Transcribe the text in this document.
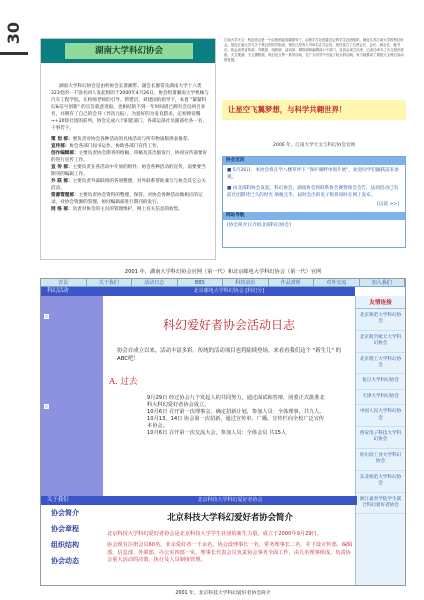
30
湖南大学科幻协会
湖南大学科幻协会是由校协会长萧湘带、副会长廖常及湖南大学十六类223堂的一千馀名同人发起组的于2000年4月26日，协会组萧湘南大学机械与汽车工程学院。在校师老师的引导、帮建层、刘建国的指导下，本着 "紧紧科幻&信号创新" 的宗旨就意进取，也相结的不到一年时间谱已拥有会员两百多名，并拥有了自己的会刊（异次元报），为爱好的为发育猎杀，定初捧发哪→+20馀社团的前列。协会完成六个职能部门，各部运部社员副部社各一名，干事若干。
策 划 部：要负责对协会各种活动的具体活动与所有物质版供表推荐。
宣传部：协会各部门间书运作。协助各部门宣传工作。
创作编辑部：主要负责协会期刊的组稿、审稿及其出版发行，协同宣传部要好的进行宣传工作。
宣 传 部：主要负责在各活动中开放的组件、协会各种活动的宣传，前要要当期刊的编辑工作。
外 联 部：主要负责外部联络的各项整理，对外联系帮助兼互与协会其它公关活动。
资源管理部：主要负责协会资料的整理、保管。对协会各种活动做相应的记录。对协会资源的管理，协同编辑部进行期刊的发行。
网 络 部：负责对协会的主页的管理维护，网上有关信息的收集。
江南大学天文 · 科幻协会是一个由校团委直属领导下，由校学生社团委员会的学生社团组织，地处江苏江南大学的科幻协会。是由江南大学与天下科幻的同学组成，现在已经有入700名正式会员，现在设立了名誉会长、会长、副会长、秘书长，协会设有宣传部、外联部、组织部、活动部、网络部和编辑部六个部门，自协会成立以来，已成功举办了天文知识讲座、天文观测、天文摄影展、科幻征文等一系列活动，在广大同学中引起了较大的反响，有力地推动了我校天文科幻活动的发展。
让星空飞翼梦想，与科学共翱世界！
2006 年，江南大学天文与科幻协会官网
协会近况
■ 5月26日，本协会将在学八楼草坪下 "保护湖畔单图片展"，欢迎同学们踊跃前来参观。
■ 由北部科协会发起，科幻协会、湖南协会将联系协会赛赞保会会告，法到活动已有前社团期待已久的时光 填税完毕，届时会出的电子版将同时在网上发布。
[以前 >>]
网站导航
[协会简介] [介绍北部科幻协会]
2001 年，湖南大学科幻协会官网（第一代）和北京邮电大学科幻协会（第一代）官网
首页	关于我们	活动日志	BBS	科技前沿	作品赏析	对外交流	加入我们
科幻活动	北京邮电大学科幻协会 [科幻分]
科幻爱好者协会活动日志
协会自成立以来，活动丰富多彩。传统的活动项目也将陆续登场。来看看我们这个 "新生儿" 的ABC吧！
A. 过去
9月29日 经过协会九个发起人的共同努力，通过面试和答辩，团委正式批准北科大科幻爱好者协会成立。
10月6日 召开第一次理事会，确定招新计划，参加人员：全体理事，共九人。
10月13、14日 协会第一次招新，通过宣传单、广播，宣传栏向全校广泛宣传本协会。
10月6日 召开第一次交流大会，参加人员：全体会员 共15人
友情连接
北京师范大学科幻协会
北京航空航天大学科幻协会
北京理工大学科幻协会
复旦大学科幻协会
天津大学科幻协会
中国人民大学科幻协会
西安电子科技大学科幻协会
哈尔滨工业大学科幻协会
东北师范大学科幻协会
浙江嘉善学院学生联合科幻爱好者协会
关于我们	北京科技大学科幻爱好者协会
协会简介
协会章程
组织结构
协会动态
北京科技大学科幻爱好者协会简介
北京科技大学科幻爱好者协会是北京科技大学学生社团的新生力量。成立于2000年9月29日。
协会现有注册会员60名。业余爱好者一千余名。协会设理事长一名，常务理事长二名，并下设宣传部、编辑部、信息部、外联部、办公室四部一室。理事长代表会员负责协会事务全面工作，由九名理事组成，负责协会重大活动的决策、执行及人员制度管理。
2001 年，北京科技大学科幻爱好者协会简介
